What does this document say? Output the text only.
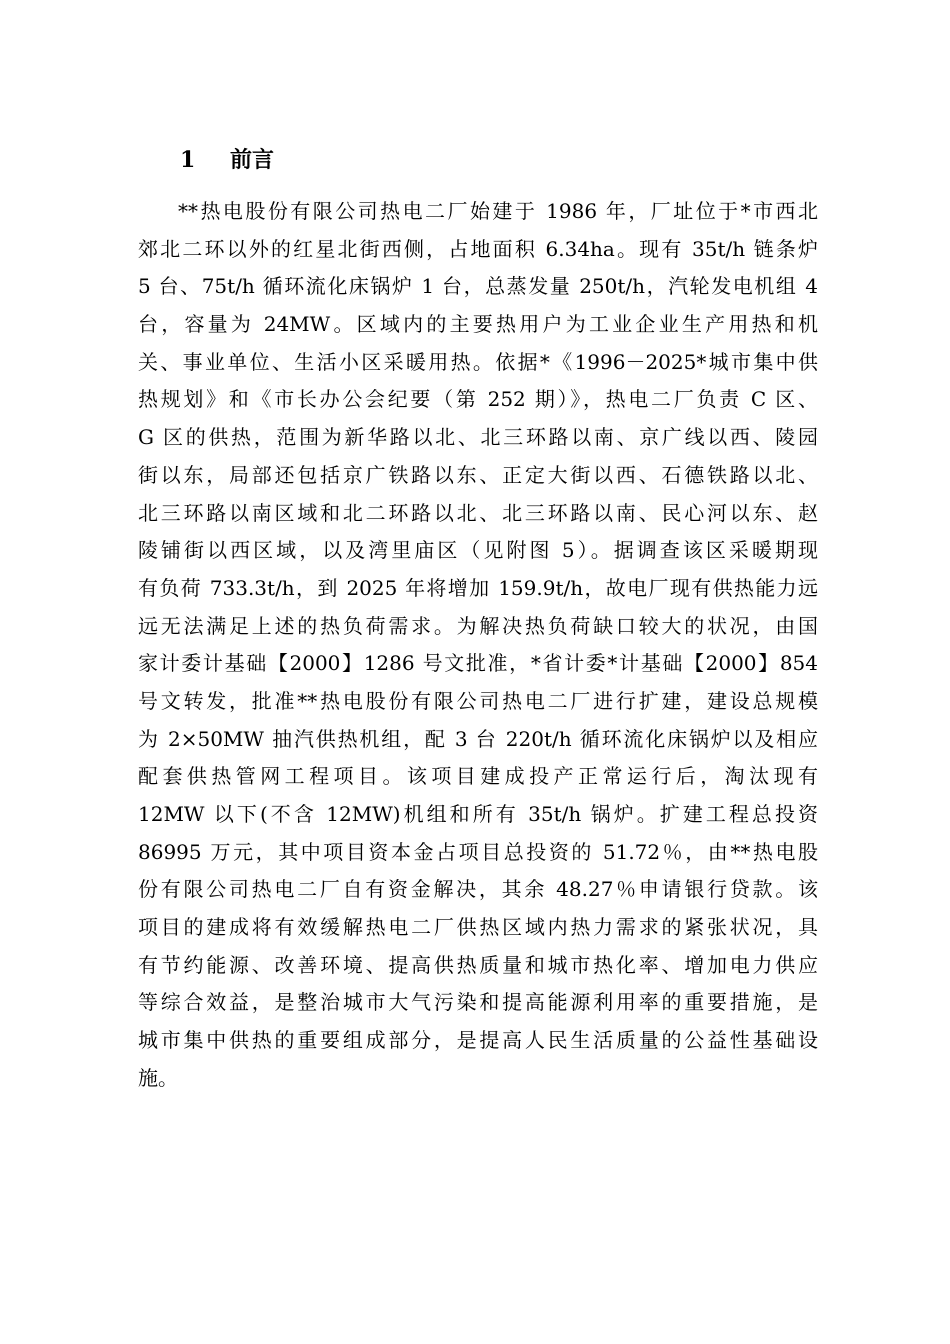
1 前言
**热电股份有限公司热电二厂始建于 1986 年，厂址位于*市西北
郊北二环以外的红星北街西侧，占地面积 6.34ha。现有 35t/h 链条炉
5 台、75t/h 循环流化床锅炉 1 台，总蒸发量 250t/h，汽轮发电机组 4
台，容量为 24MW。区域内的主要热用户为工业企业生产用热和机
关、事业单位、生活小区采暖用热。依据*《1996－2025*城市集中供
热规划》和《市长办公会纪要（第 252 期）》，热电二厂负责 C 区、
G 区的供热，范围为新华路以北、北三环路以南、京广线以西、陵园
街以东，局部还包括京广铁路以东、正定大街以西、石德铁路以北、
北三环路以南区域和北二环路以北、北三环路以南、民心河以东、赵
陵铺街以西区域，以及湾里庙区（见附图 5）。据调查该区采暖期现
有负荷 733.3t/h，到 2025 年将增加 159.9t/h，故电厂现有供热能力远
远无法满足上述的热负荷需求。为解决热负荷缺口较大的状况，由国
家计委计基础【2000】1286 号文批准，*省计委*计基础【2000】854
号文转发，批准**热电股份有限公司热电二厂进行扩建，建设总规模
为 2×50MW 抽汽供热机组，配 3 台 220t/h 循环流化床锅炉以及相应
配套供热管网工程项目。该项目建成投产正常运行后，淘汰现有
12MW 以下(不含 12MW)机组和所有 35t/h 锅炉。扩建工程总投资
86995 万元，其中项目资本金占项目总投资的 51.72％，由**热电股
份有限公司热电二厂自有资金解决，其余 48.27％申请银行贷款。该
项目的建成将有效缓解热电二厂供热区域内热力需求的紧张状况，具
有节约能源、改善环境、提高供热质量和城市热化率、增加电力供应
等综合效益，是整治城市大气污染和提高能源利用率的重要措施，是
城市集中供热的重要组成部分，是提高人民生活质量的公益性基础设
施。
